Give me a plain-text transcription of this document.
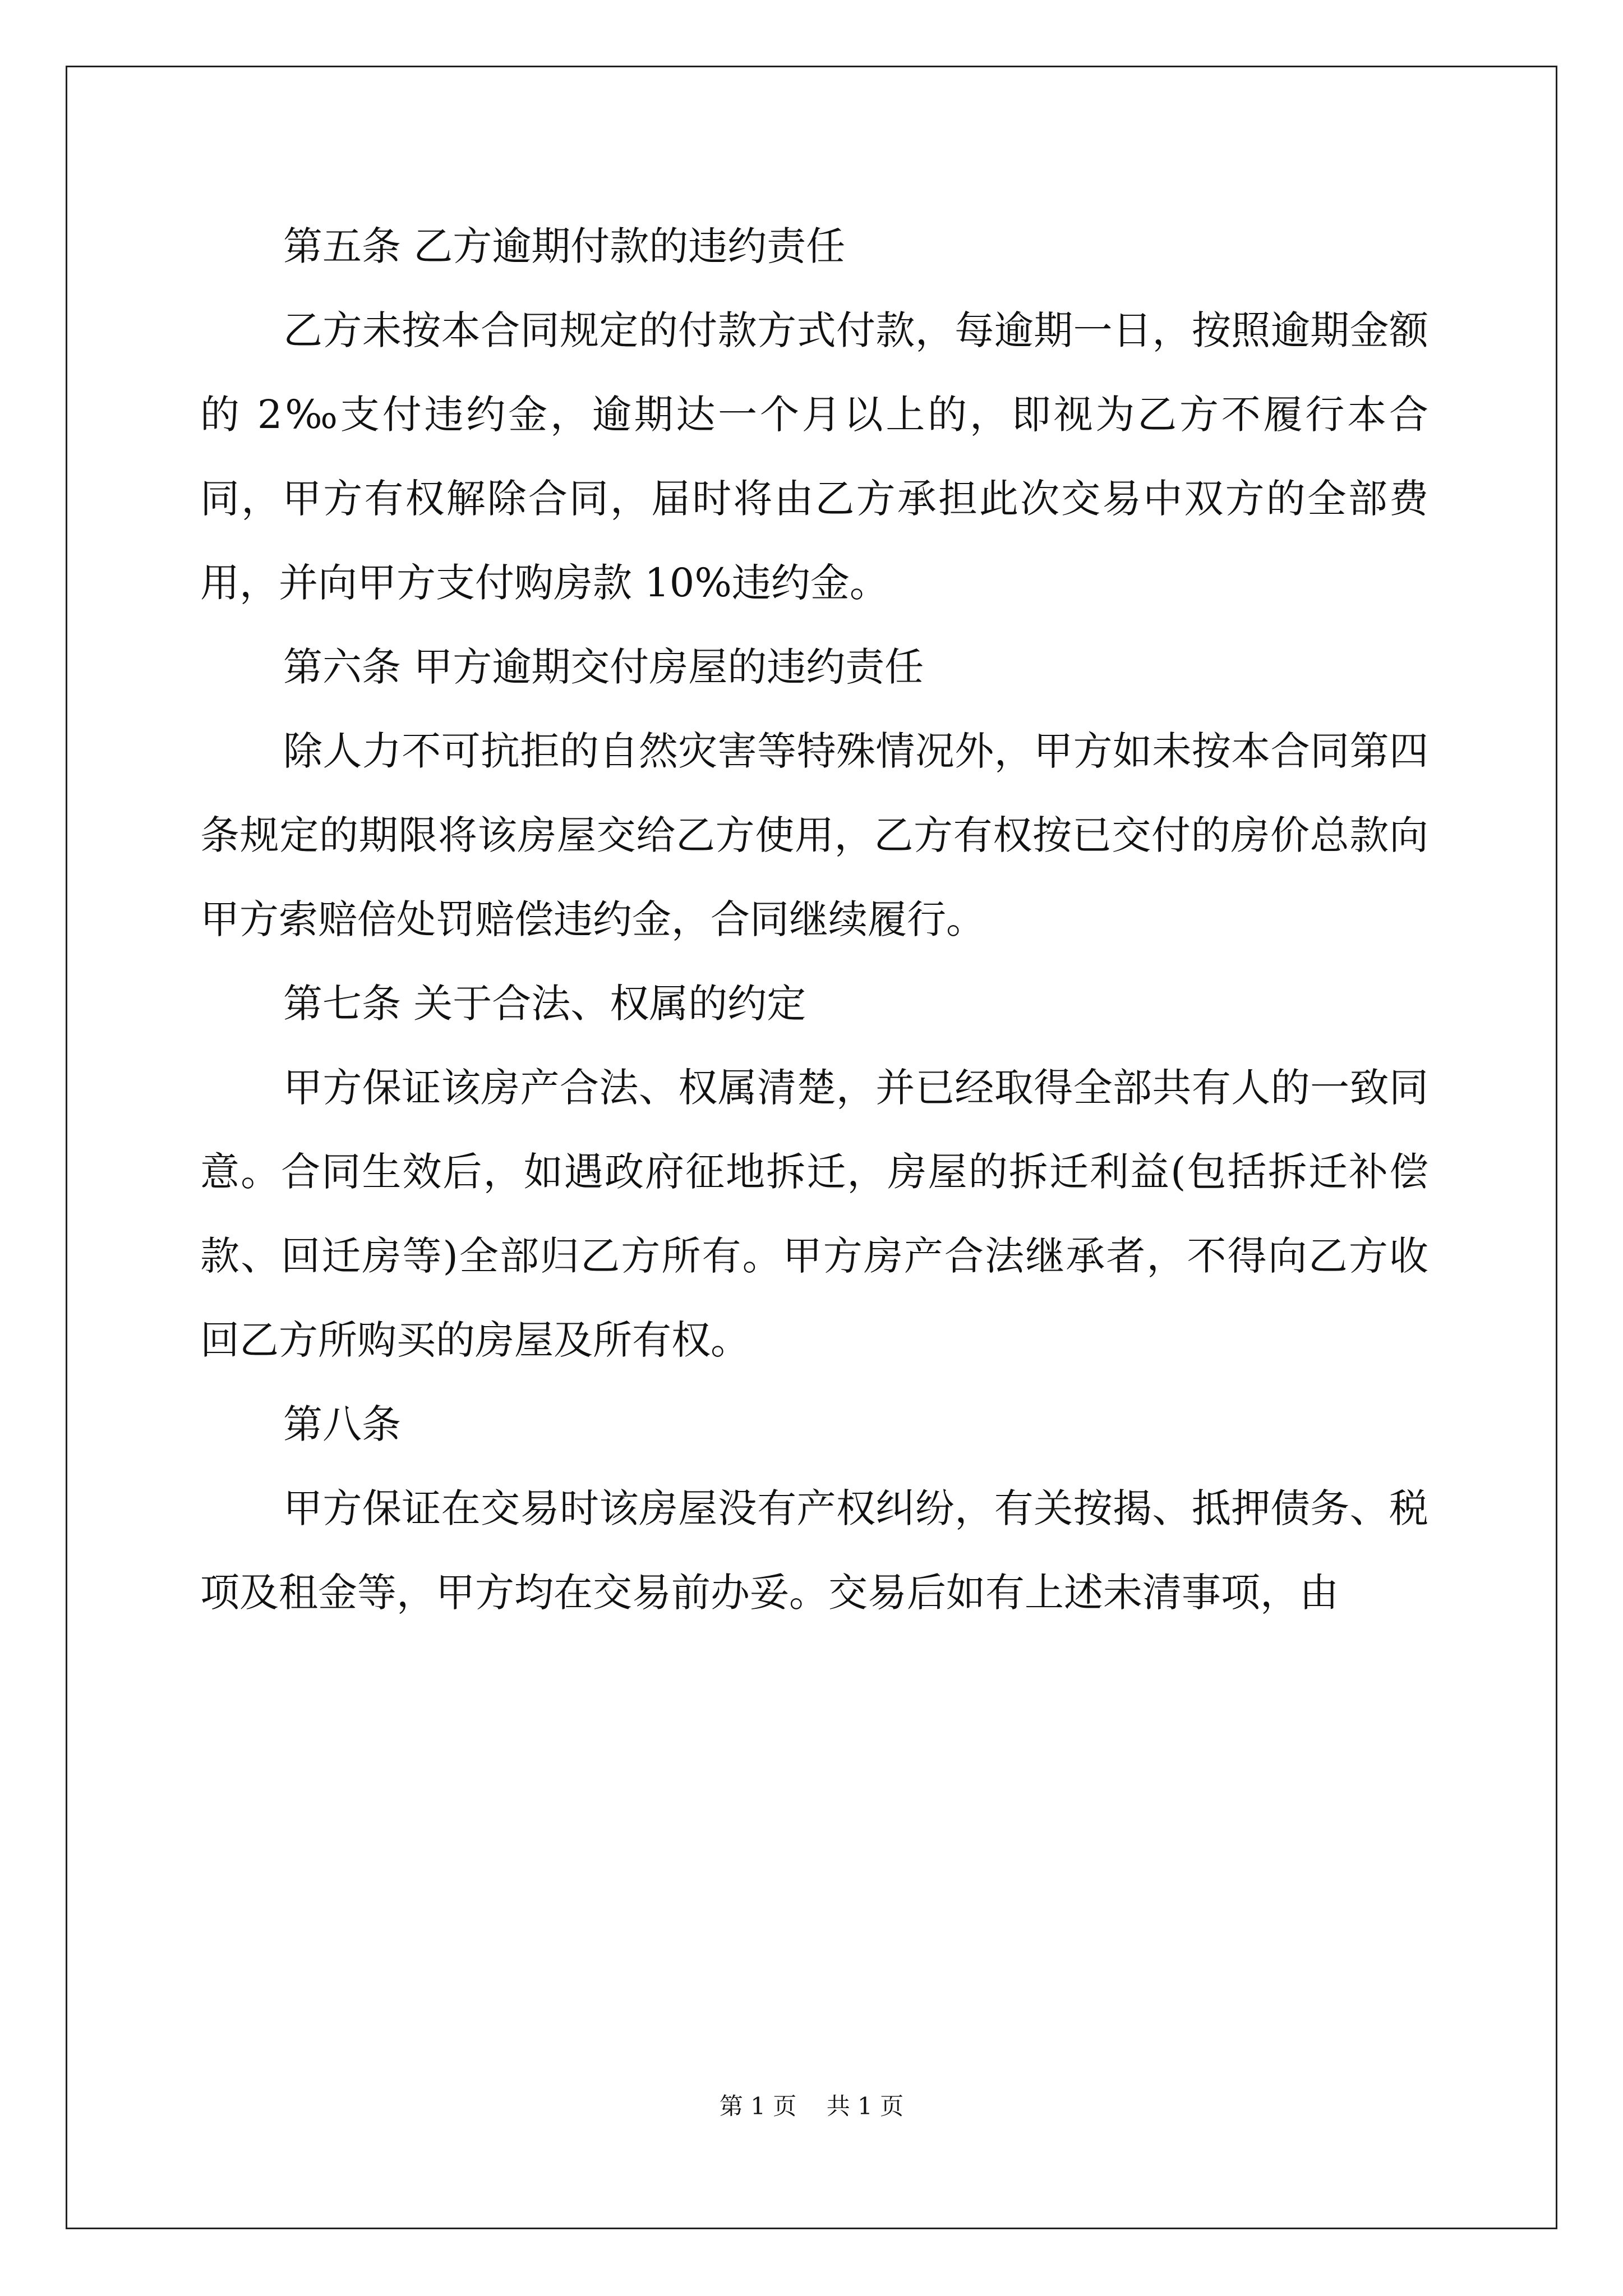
第五条 乙方逾期付款的违约责任

乙方未按本合同规定的付款方式付款，每逾期一日，按照逾期金额的 2‰支付违约金，逾期达一个月以上的，即视为乙方不履行本合同，甲方有权解除合同，届时将由乙方承担此次交易中双方的全部费用，并向甲方支付购房款 10%违约金。

第六条 甲方逾期交付房屋的违约责任

除人力不可抗拒的自然灾害等特殊情况外，甲方如未按本合同第四条规定的期限将该房屋交给乙方使用，乙方有权按已交付的房价总款向甲方索赔倍处罚赔偿违约金，合同继续履行。

第七条 关于合法、权属的约定

甲方保证该房产合法、权属清楚，并已经取得全部共有人的一致同意。合同生效后，如遇政府征地拆迁，房屋的拆迁利益(包括拆迁补偿款、回迁房等)全部归乙方所有。甲方房产合法继承者，不得向乙方收回乙方所购买的房屋及所有权。

第八条

甲方保证在交易时该房屋没有产权纠纷，有关按揭、抵押债务、税项及租金等，甲方均在交易前办妥。交易后如有上述未清事项，由

第 1 页    共 1 页
